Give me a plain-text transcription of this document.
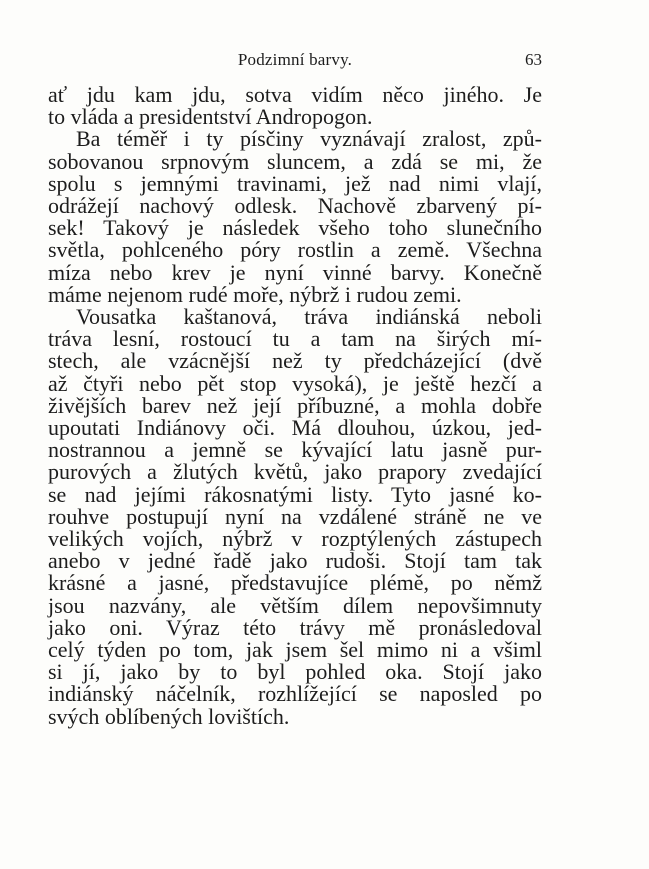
Podzimní barvy.	63

ať jdu kam jdu, sotva vidím něco jiného. Je
to vláda a presidentství Andropogon.

Ba téměř i ty písčiny vyznávají zralost, způ-
sobovanou srpnovým sluncem, a zdá se mi, že
spolu s jemnými travinami, jež nad nimi vlají,
odrážejí nachový odlesk. Nachově zbarvený pí-
sek! Takový je následek všeho toho slunečního
světla, pohlceného póry rostlin a země. Všechna
míza nebo krev je nyní vinné barvy. Konečně
máme nejenom rudé moře, nýbrž i rudou zemi.

Vousatka kaštanová, tráva indiánská neboli
tráva lesní, rostoucí tu a tam na širých mí-
stech, ale vzácnější než ty předcházející (dvě
až čtyři nebo pět stop vysoká), je ještě hezčí a
živějších barev než její příbuzné, a mohla dobře
upoutati Indiánovy oči. Má dlouhou, úzkou, jed-
nostrannou a jemně se kývající latu jasně pur-
purových a žlutých květů, jako prapory zvedající
se nad jejími rákosnatými listy. Tyto jasné ko-
rouhve postupují nyní na vzdálené stráně ne ve
velikých vojích, nýbrž v rozptýlených zástupech
anebo v jedné řadě jako rudoši. Stojí tam tak
krásné a jasné, představujíce plémě, po němž
jsou nazvány, ale větším dílem nepovšimnuty
jako oni. Výraz této trávy mě pronásledoval
celý týden po tom, jak jsem šel mimo ni a všiml
si jí, jako by to byl pohled oka. Stojí jako
indiánský náčelník, rozhlížející se naposled po
svých oblíbených lovištích.
